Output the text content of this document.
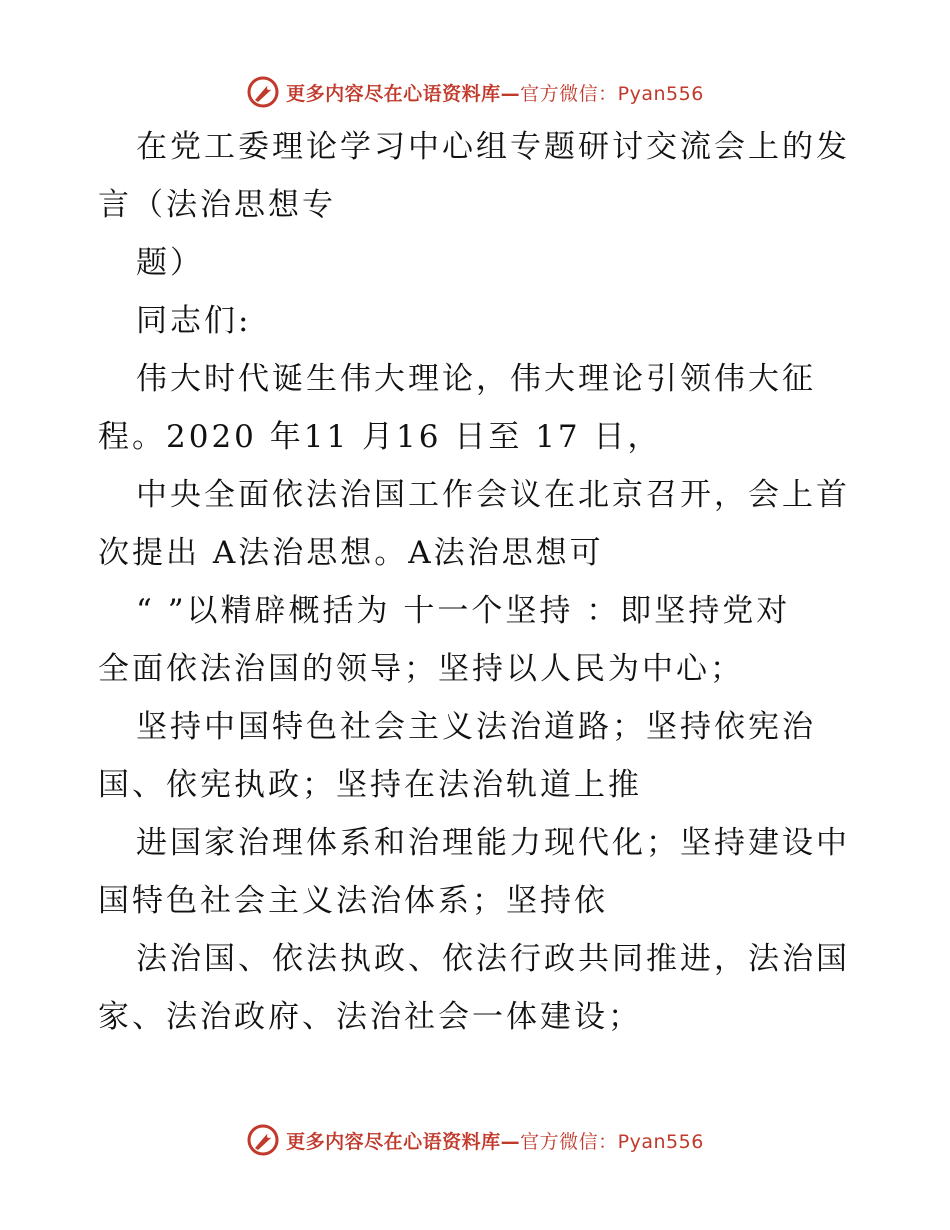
更多内容尽在心语资料库—官方微信：Pyan556
在党工委理论学习中心组专题研讨交流会上的发
言（法治思想专
题）
同志们:
伟大时代诞生伟大理论，伟大理论引领伟大征
程。2020 年11 月16 日至 17 日，
中央全面依法治国工作会议在北京召开，会上首
次提出 A法治思想。A法治思想可
“ ”以精辟概括为 十一个坚持 ：即坚持党对
全面依法治国的领导；坚持以人民为中心；
坚持中国特色社会主义法治道路；坚持依宪治
国、依宪执政；坚持在法治轨道上推
进国家治理体系和治理能力现代化；坚持建设中
国特色社会主义法治体系；坚持依
法治国、依法执政、依法行政共同推进，法治国
家、法治政府、法治社会一体建设；
更多内容尽在心语资料库—官方微信：Pyan556
